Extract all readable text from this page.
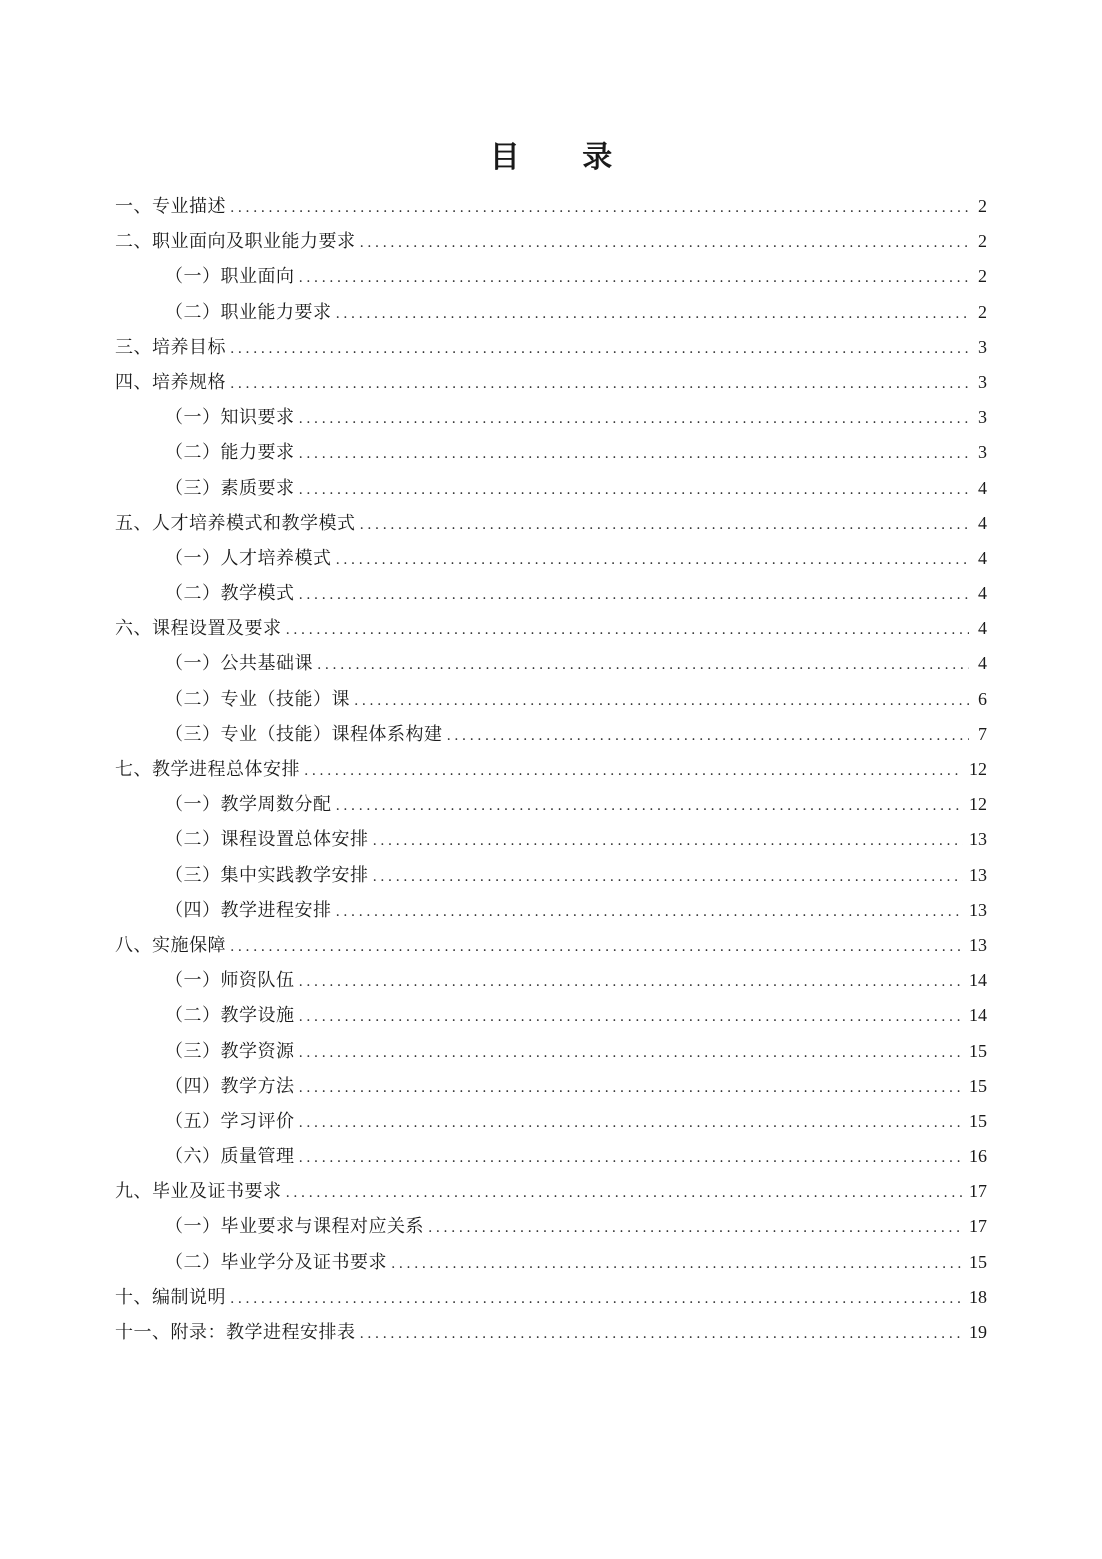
目 录
一、专业描述 .....	2
二、职业面向及职业能力要求 .....	2
（一）职业面向 .....	2
（二）职业能力要求 .....	2
三、培养目标 .....	3
四、培养规格 .....	3
（一）知识要求 .....	3
（二）能力要求 .....	3
（三）素质要求 .....	4
五、人才培养模式和教学模式 .....	4
（一）人才培养模式 .....	4
（二）教学模式 .....	4
六、课程设置及要求 .....	4
（一）公共基础课 .....	4
（二）专业（技能）课 .....	6
（三）专业（技能）课程体系构建 .....	7
七、教学进程总体安排 .....	12
（一）教学周数分配 .....	12
（二）课程设置总体安排 .....	13
（三）集中实践教学安排 .....	13
（四）教学进程安排 .....	13
八、实施保障 .....	13
（一）师资队伍 .....	14
（二）教学设施 .....	14
（三）教学资源 .....	15
（四）教学方法 .....	15
（五）学习评价 .....	15
（六）质量管理 .....	16
九、毕业及证书要求 .....	17
（一）毕业要求与课程对应关系 .....	17
（二）毕业学分及证书要求 .....	15
十、编制说明 .....	18
十一、附录：教学进程安排表 .....	19
